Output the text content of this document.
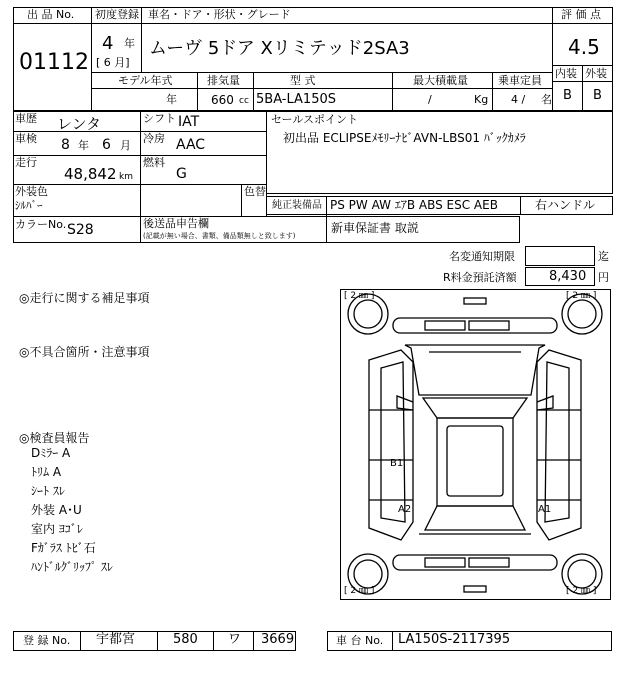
出 品 No.
01112
初度登録 車名・ドア・形状・グレード
4 年
[ 6 月]
ムーヴ 5ドア Xリミテッド2SA3
評 価 点
4.5
内装 外装
B B
モデル年式	排気量	型 式	最大積載量	乗車定員
年	660 cc 5BA-LA150S	/	Kg 4 / 名
車歴 レンタ	シフト IAT
車検 8 年 6 月
冷房 AAC
走行
48,842 km
燃料
G
外装色
ｼﾙﾊﾞｰ
色替
カラーNo. S28	後送品申告欄
(記載が無い場合、書類、備品類無しと致します)
セールスポイント
初出品 ECLIPSEﾒﾓﾘｰﾅﾋﾞAVN-LBS01 ﾊﾞｯｸｶﾒﾗ
純正装備品 PS PW AW ｴｱB ABS ESC AEB	右ハンドル
新車保証書 取説
名変通知期限	迄
R料金預託済額 8,430 円
◎走行に関する補足事項
◎不具合箇所・注意事項
◎検査員報告
Dﾐﾗｰ A
ﾄﾘﾑ A
ｼｰﾄ ｽﾚ
外装 A･U
室内 ﾖｺﾞﾚ
Fｶﾞﾗｽ ﾄﾋﾞ石
ﾊﾝﾄﾞﾙｸﾞﾘｯﾌﾟ ｽﾚ
[ 2 ㎜ ]	[ 2 ㎜ ]
[ 2 ㎜ ]	[ 2 ㎜ ]
B1
A2	A1
登 録 No. 宇都宮	580 ワ 3669	車 台 No. LA150S-2117395
